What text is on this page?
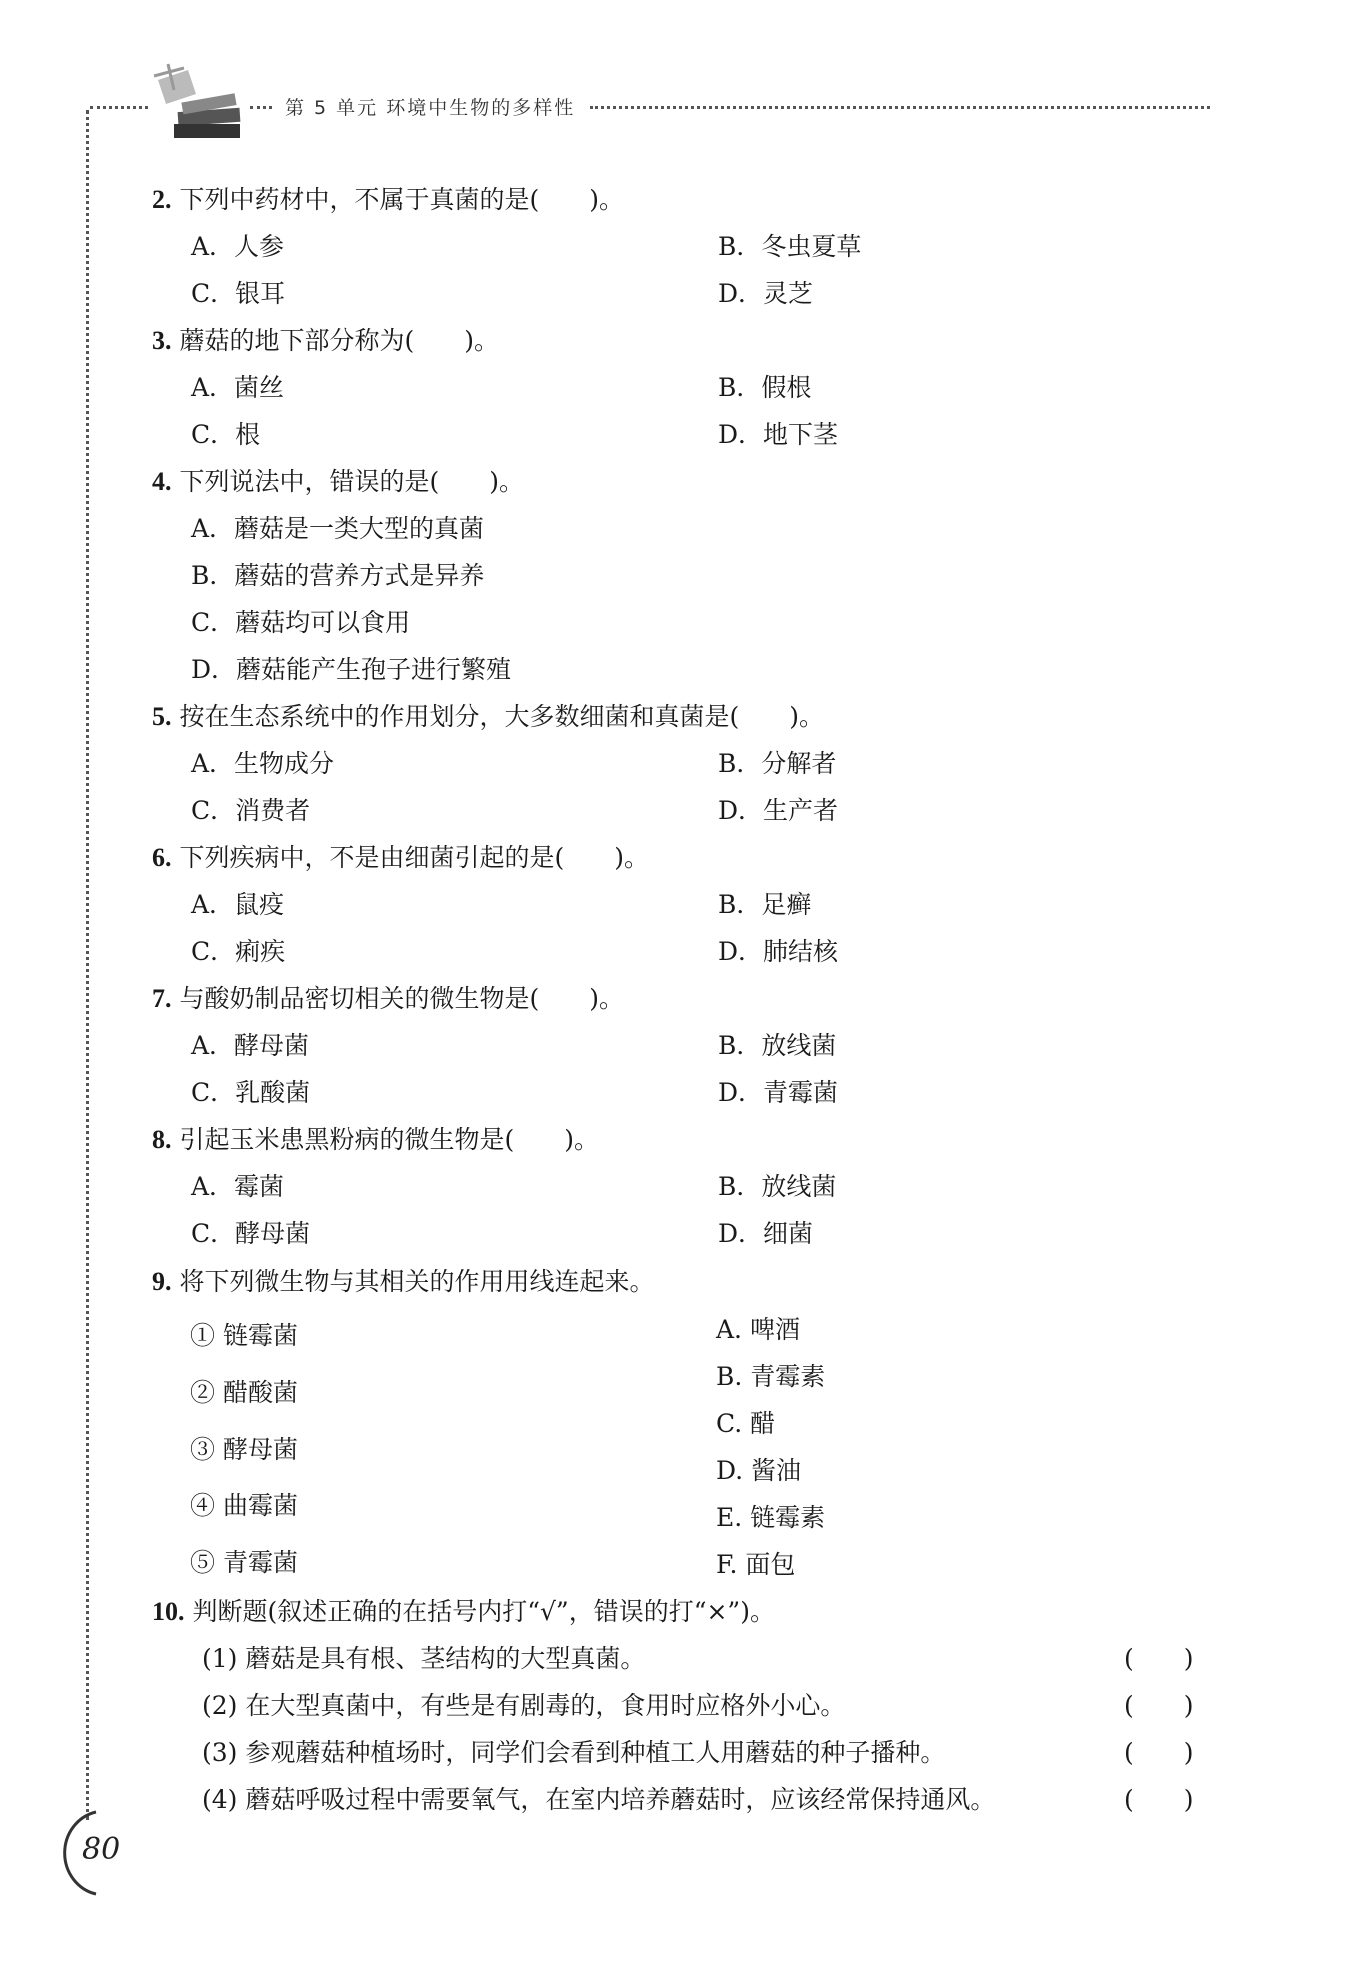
第 5 单元 环境中生物的多样性
2. 下列中药材中，不属于真菌的是(　　)。
A．人参	B．冬虫夏草
C．银耳	D．灵芝
3. 蘑菇的地下部分称为(　　)。
A．菌丝	B．假根
C．根	D．地下茎
4. 下列说法中，错误的是(　　)。
A．蘑菇是一类大型的真菌
B．蘑菇的营养方式是异养
C．蘑菇均可以食用
D．蘑菇能产生孢子进行繁殖
5. 按在生态系统中的作用划分，大多数细菌和真菌是(　　)。
A．生物成分	B．分解者
C．消费者	D．生产者
6. 下列疾病中，不是由细菌引起的是(　　)。
A．鼠疫	B．足癣
C．痢疾	D．肺结核
7. 与酸奶制品密切相关的微生物是(　　)。
A．酵母菌	B．放线菌
C．乳酸菌	D．青霉菌
8. 引起玉米患黑粉病的微生物是(　　)。
A．霉菌	B．放线菌
C．酵母菌	D．细菌
9. 将下列微生物与其相关的作用用线连起来。
① 链霉菌
② 醋酸菌
③ 酵母菌
④ 曲霉菌
⑤ 青霉菌
A. 啤酒
B. 青霉素
C. 醋
D. 酱油
E. 链霉素
F. 面包
10. 判断题(叙述正确的在括号内打“√”，错误的打“×”)。
(1) 蘑菇是具有根、茎结构的大型真菌。	(　　)
(2) 在大型真菌中，有些是有剧毒的，食用时应格外小心。	(　　)
(3) 参观蘑菇种植场时，同学们会看到种植工人用蘑菇的种子播种。	(　　)
(4) 蘑菇呼吸过程中需要氧气，在室内培养蘑菇时，应该经常保持通风。	(　　)
80
